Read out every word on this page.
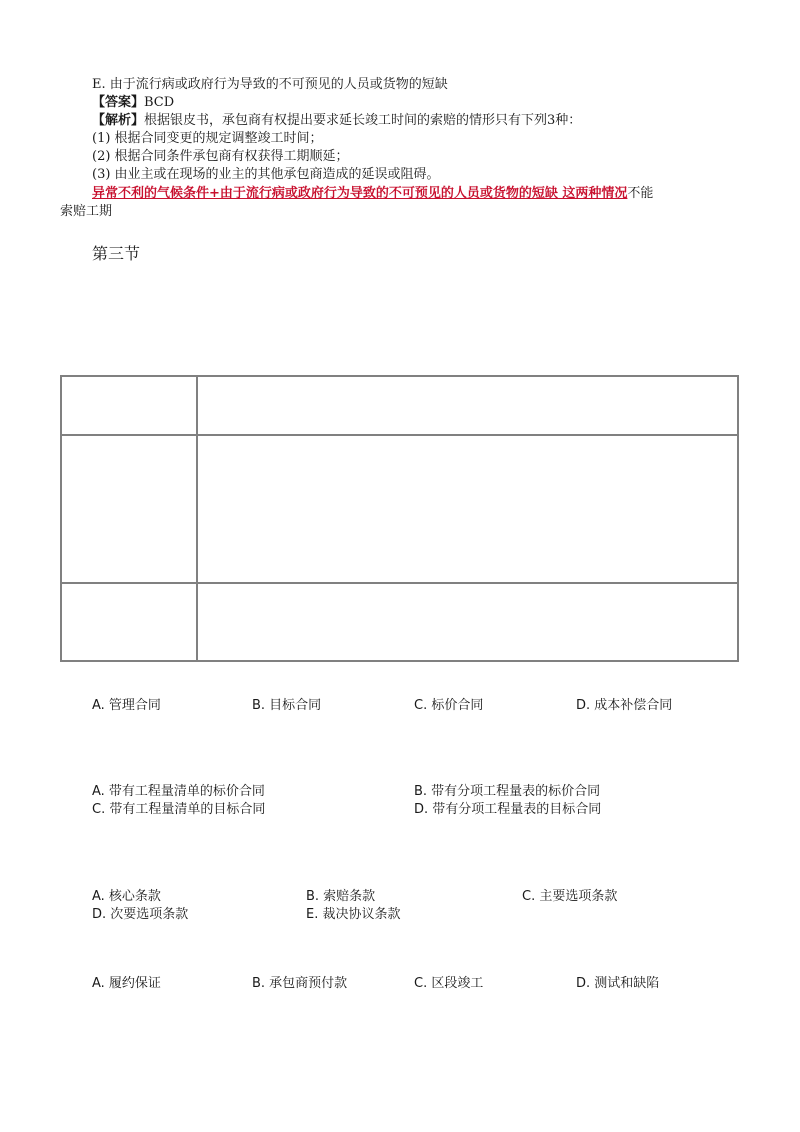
E. 由于流行病或政府行为导致的不可预见的人员或货物的短缺
【答案】BCD
【解析】根据银皮书，承包商有权提出要求延长竣工时间的索赔的情形只有下列3种：
(1) 根据合同变更的规定调整竣工时间；
(2) 根据合同条件承包商有权获得工期顺延；
(3) 由业主或在现场的业主的其他承包商造成的延误或阻碍。
异常不利的气候条件+由于流行病或政府行为导致的不可预见的人员或货物的短缺 这两种情况不能
索赔工期
第三节
A. 管理合同	B. 目标合同	C. 标价合同	D. 成本补偿合同
A. 带有工程量清单的标价合同	B. 带有分项工程量表的标价合同
C. 带有工程量清单的目标合同	D. 带有分项工程量表的目标合同
A. 核心条款	B. 索赔条款	C. 主要选项条款
D. 次要选项条款	E. 裁决协议条款
A. 履约保证	B. 承包商预付款	C. 区段竣工	D. 测试和缺陷
